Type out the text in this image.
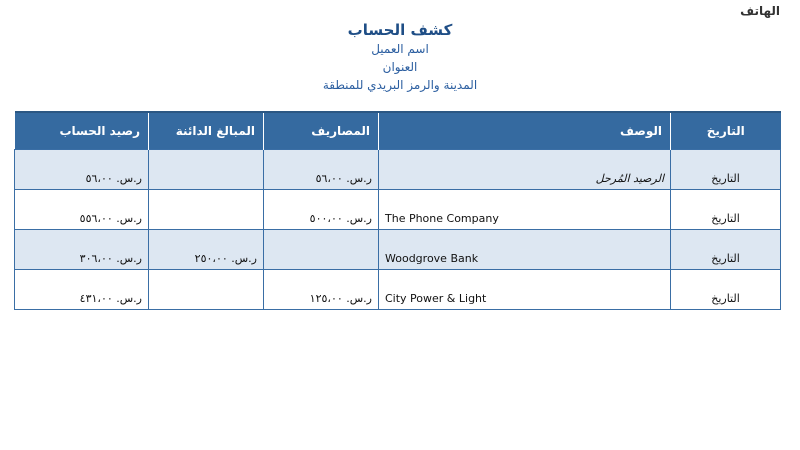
الهاتف
كشف الحساب
اسم العميل
العنوان
المدينة والرمز البريدي للمنطقة
التاريخ	الوصف	المصاريف	المبالغ الدائنة	رصيد الحساب
التاريخ	الرصيد المُرحل	ر.س. ٥٦،٠٠		ر.س. ٥٦،٠٠
التاريخ	The Phone Company	ر.س. ٥٠٠،٠٠		ر.س. ٥٥٦،٠٠
التاريخ	Woodgrove Bank		ر.س. ٢٥٠،٠٠	ر.س. ٣٠٦،٠٠
التاريخ	City Power & Light	ر.س. ١٢٥،٠٠		ر.س. ٤٣١،٠٠
